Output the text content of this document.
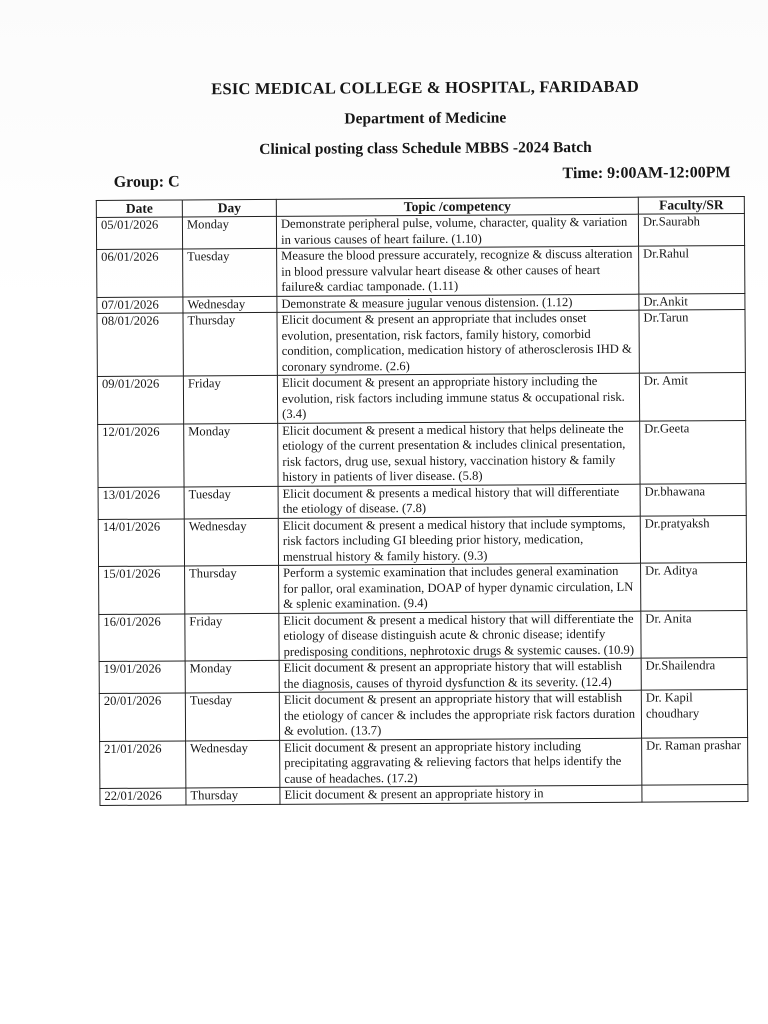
ESIC MEDICAL COLLEGE & HOSPITAL, FARIDABAD
Department of Medicine
Clinical posting class Schedule MBBS -2024 Batch
Group: C
Time: 9:00AM-12:00PM
Date	Day	Topic /competency	Faculty/SR
05/01/2026	Monday	Demonstrate peripheral pulse, volume, character, quality & variation in various causes of heart failure. (1.10)	Dr.Saurabh
06/01/2026	Tuesday	Measure the blood pressure accurately, recognize & discuss alteration in blood pressure valvular heart disease & other causes of heart failure& cardiac tamponade. (1.11)	Dr.Rahul
07/01/2026	Wednesday	Demonstrate & measure jugular venous distension. (1.12)	Dr.Ankit
08/01/2026	Thursday	Elicit document & present an appropriate that includes onset evolution, presentation, risk factors, family history, comorbid condition, complication, medication history of atherosclerosis IHD & coronary syndrome. (2.6)	Dr.Tarun
09/01/2026	Friday	Elicit document & present an appropriate history including the evolution, risk factors including immune status & occupational risk. (3.4)	Dr. Amit
12/01/2026	Monday	Elicit document & present a medical history that helps delineate the etiology of the current presentation & includes clinical presentation, risk factors, drug use, sexual history, vaccination history & family history in patients of liver disease. (5.8)	Dr.Geeta
13/01/2026	Tuesday	Elicit document & presents a medical history that will differentiate the etiology of disease. (7.8)	Dr.bhawana
14/01/2026	Wednesday	Elicit document & present a medical history that include symptoms, risk factors including GI bleeding prior history, medication, menstrual history & family history. (9.3)	Dr.pratyaksh
15/01/2026	Thursday	Perform a systemic examination that includes general examination for pallor, oral examination, DOAP of hyper dynamic circulation, LN & splenic examination. (9.4)	Dr. Aditya
16/01/2026	Friday	Elicit document & present a medical history that will differentiate the etiology of disease distinguish acute & chronic disease; identify predisposing conditions, nephrotoxic drugs & systemic causes. (10.9)	Dr. Anita
19/01/2026	Monday	Elicit document & present an appropriate history that will establish the diagnosis, causes of thyroid dysfunction & its severity. (12.4)	Dr.Shailendra
20/01/2026	Tuesday	Elicit document & present an appropriate history that will establish the etiology of cancer & includes the appropriate risk factors duration & evolution. (13.7)	Dr. Kapil choudhary
21/01/2026	Wednesday	Elicit document & present an appropriate history including precipitating aggravating & relieving factors that helps identify the cause of headaches. (17.2)	Dr. Raman prashar
22/01/2026	Thursday	Elicit document & present an appropriate history in	
